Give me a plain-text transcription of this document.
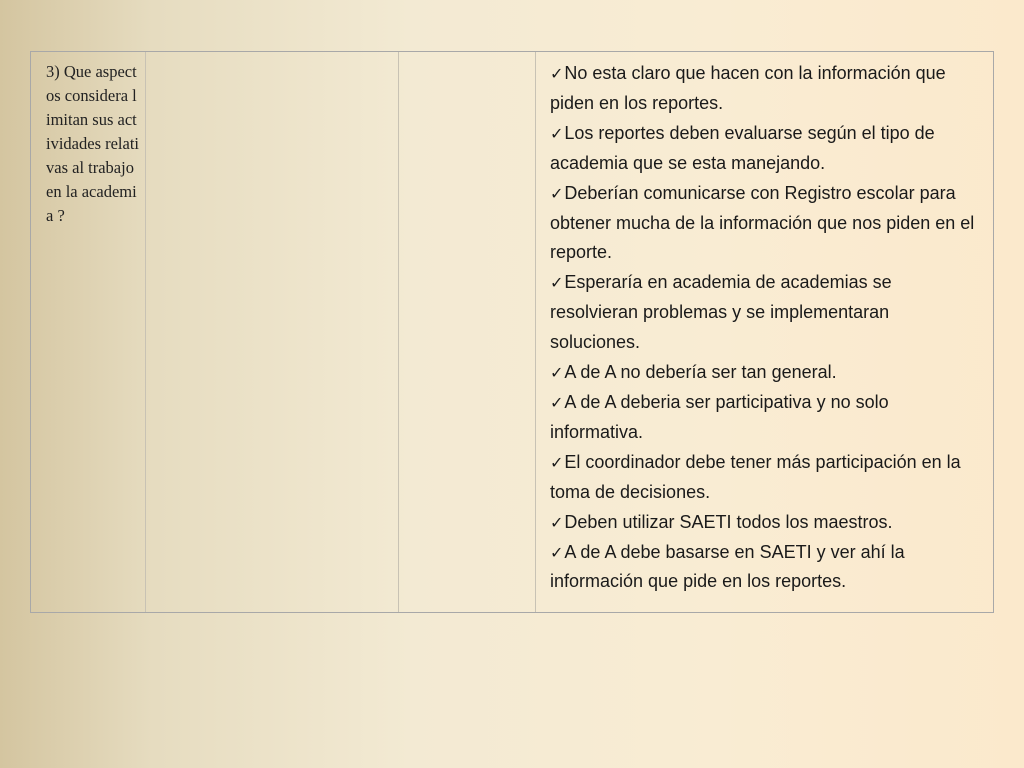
3) Que aspectos considera limitan sus actividades relativas al trabajo en la academia ?
✓No esta claro que hacen con la información que piden en los reportes.
✓Los reportes deben evaluarse según el tipo de academia que se esta manejando.
✓Deberían comunicarse con Registro escolar para obtener mucha de la información que nos piden en el reporte.
✓Esperaría en academia de academias se resolvieran problemas y se implementaran soluciones.
✓A de A no debería ser tan general.
✓A de A deberia ser participativa y no solo informativa.
✓El coordinador debe tener más participación en la toma de decisiones.
✓Deben utilizar SAETI todos los maestros.
✓A de A debe basarse en SAETI y ver ahí la información que pide en los reportes.
